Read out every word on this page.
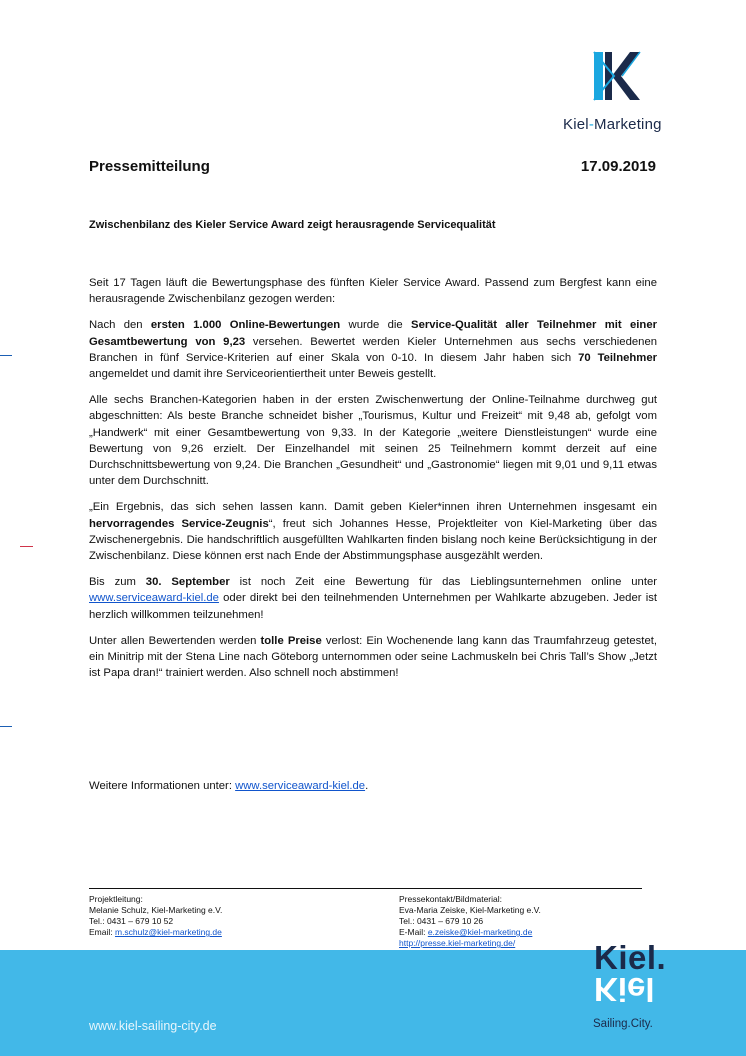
Kiel-Marketing
Pressemitteilung	17.09.2019
Zwischenbilanz des Kieler Service Award zeigt herausragende Servicequalität

Seit 17 Tagen läuft die Bewertungsphase des fünften Kieler Service Award. Passend zum Bergfest kann eine herausragende Zwischenbilanz gezogen werden:

Nach den ersten 1.000 Online-Bewertungen wurde die Service-Qualität aller Teilnehmer mit einer Gesamtbewertung von 9,23 versehen. Bewertet werden Kieler Unternehmen aus sechs verschiedenen Branchen in fünf Service-Kriterien auf einer Skala von 0-10. In diesem Jahr haben sich 70 Teilnehmer angemeldet und damit ihre Serviceorientiertheit unter Beweis gestellt.

Alle sechs Branchen-Kategorien haben in der ersten Zwischenwertung der Online-Teilnahme durchweg gut abgeschnitten: Als beste Branche schneidet bisher „Tourismus, Kultur und Freizeit“ mit 9,48 ab, gefolgt vom „Handwerk“ mit einer Gesamtbewertung von 9,33. In der Kategorie „weitere Dienstleistungen“ wurde eine Bewertung von 9,26 erzielt. Der Einzelhandel mit seinen 25 Teilnehmern kommt derzeit auf eine Durchschnittsbewertung von 9,24. Die Branchen „Gesundheit“ und „Gastronomie“ liegen mit 9,01 und 9,11 etwas unter dem Durchschnitt.

„Ein Ergebnis, das sich sehen lassen kann. Damit geben Kieler*innen ihren Unternehmen insgesamt ein hervorragendes Service-Zeugnis“, freut sich Johannes Hesse, Projektleiter von Kiel-Marketing über das Zwischenergebnis. Die handschriftlich ausgefüllten Wahlkarten finden bislang noch keine Berücksichtigung in der Zwischenbilanz. Diese können erst nach Ende der Abstimmungsphase ausgezählt werden.

Bis zum 30. September ist noch Zeit eine Bewertung für das Lieblingsunternehmen online unter www.serviceaward-kiel.de oder direkt bei den teilnehmenden Unternehmen per Wahlkarte abzugeben. Jeder ist herzlich willkommen teilzunehmen!

Unter allen Bewertenden werden tolle Preise verlost: Ein Wochenende lang kann das Traumfahrzeug getestet, ein Minitrip mit der Stena Line nach Göteborg unternommen oder seine Lachmuskeln bei Chris Tall’s Show „Jetzt ist Papa dran!“ trainiert werden. Also schnell noch abstimmen!

Weitere Informationen unter: www.serviceaward-kiel.de.
Projektleitung:
Melanie Schulz, Kiel-Marketing e.V.
Tel.: 0431 – 679 10 52
Email: m.schulz@kiel-marketing.de
Pressekontakt/Bildmaterial:
Eva-Maria Zeiske, Kiel-Marketing e.V.
Tel.: 0431 – 679 10 26
E-Mail: e.zeiske@kiel-marketing.de
http://presse.kiel-marketing.de/
www.kiel-sailing-city.de
Kiel.
Kiel
Sailing.City.
